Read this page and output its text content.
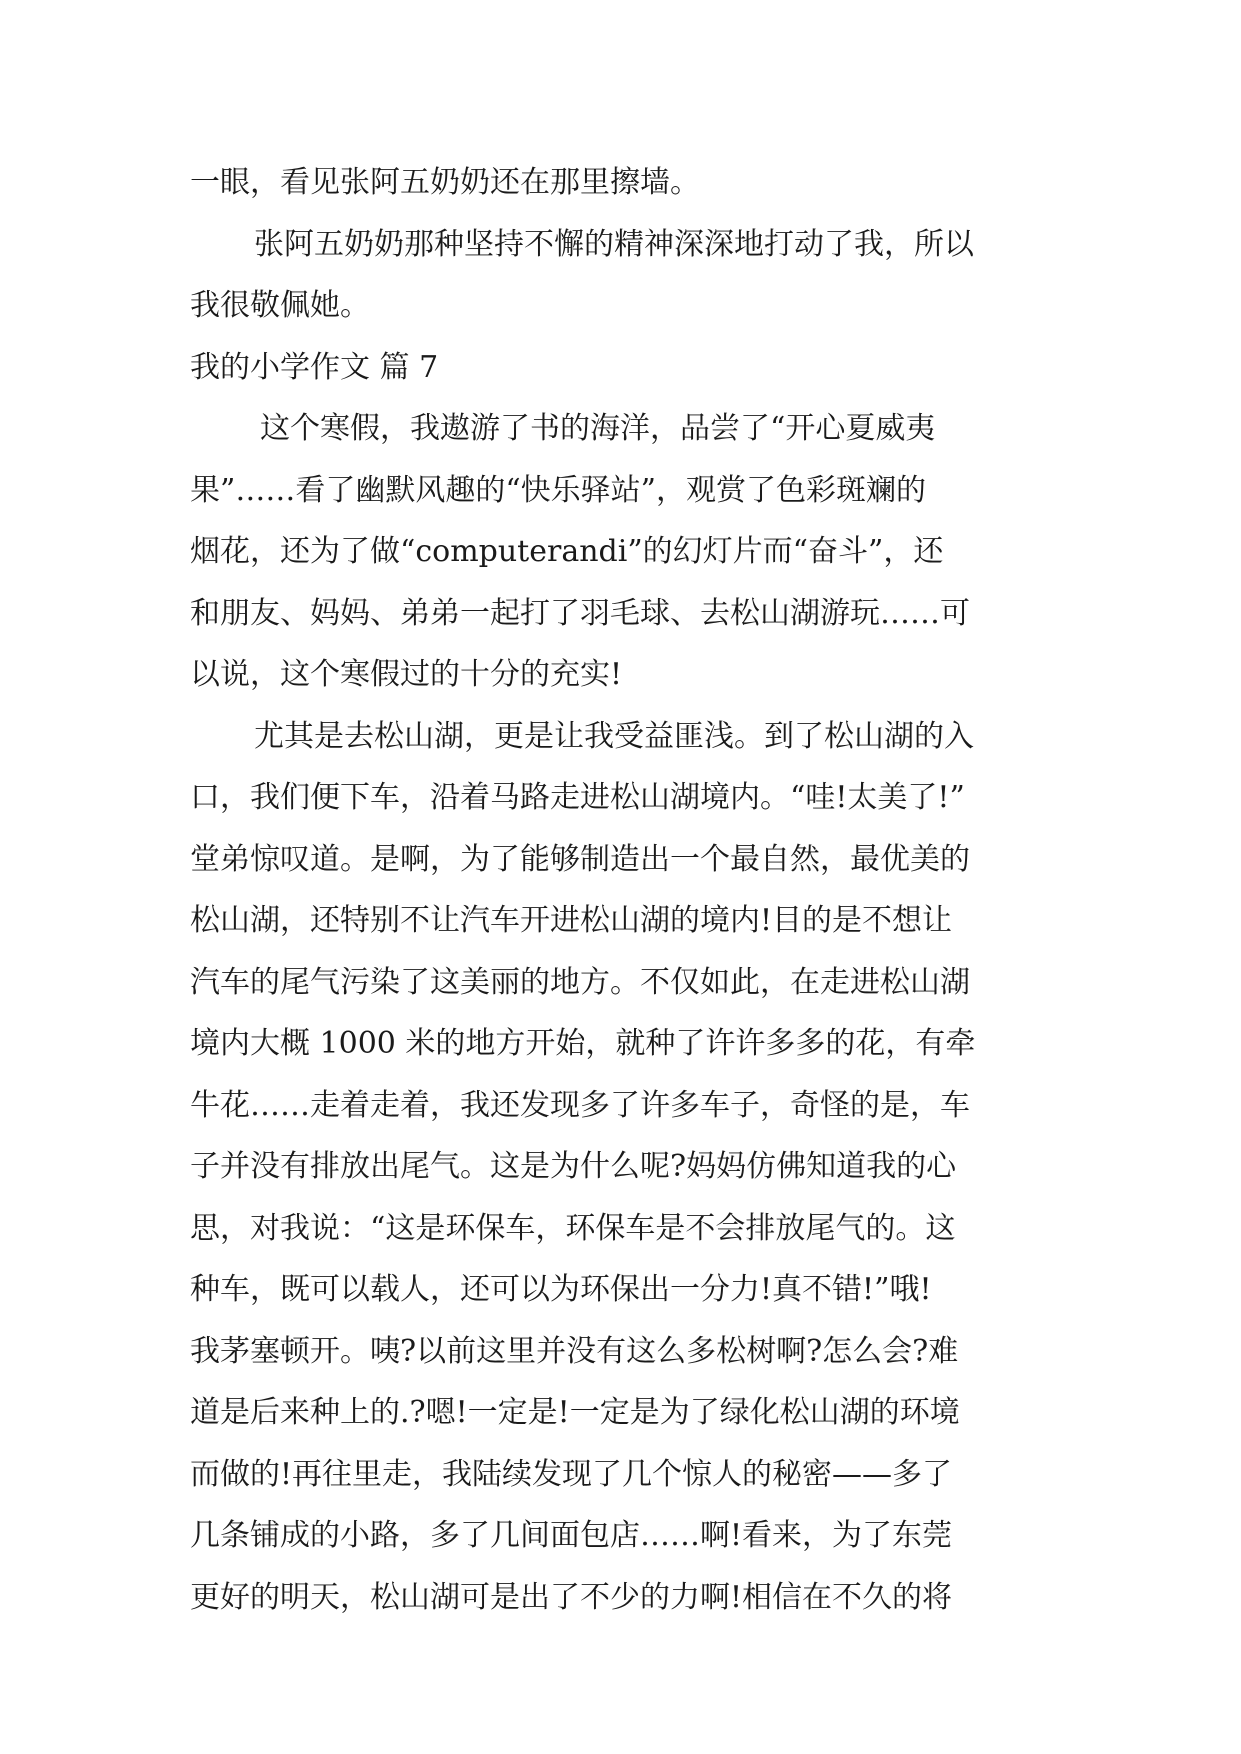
一眼，看见张阿五奶奶还在那里擦墙。
张阿五奶奶那种坚持不懈的精神深深地打动了我，所以
我很敬佩她。
我的小学作文 篇 7
这个寒假，我遨游了书的海洋，品尝了“开心夏威夷
果”……看了幽默风趣的“快乐驿站”，观赏了色彩斑斓的
烟花，还为了做“computerandi”的幻灯片而“奋斗”，还
和朋友、妈妈、弟弟一起打了羽毛球、去松山湖游玩……可
以说，这个寒假过的十分的充实!
尤其是去松山湖，更是让我受益匪浅。到了松山湖的入
口，我们便下车，沿着马路走进松山湖境内。“哇!太美了!”
堂弟惊叹道。是啊，为了能够制造出一个最自然，最优美的
松山湖，还特别不让汽车开进松山湖的境内!目的是不想让
汽车的尾气污染了这美丽的地方。不仅如此，在走进松山湖
境内大概 1000 米的地方开始，就种了许许多多的花，有牵
牛花……走着走着，我还发现多了许多车子，奇怪的是，车
子并没有排放出尾气。这是为什么呢?妈妈仿佛知道我的心
思，对我说：“这是环保车，环保车是不会排放尾气的。这
种车，既可以载人，还可以为环保出一分力!真不错!”哦!
我茅塞顿开。咦?以前这里并没有这么多松树啊?怎么会?难
道是后来种上的.?嗯!一定是!一定是为了绿化松山湖的环境
而做的!再往里走，我陆续发现了几个惊人的秘密——多了
几条铺成的小路，多了几间面包店……啊!看来，为了东莞
更好的明天，松山湖可是出了不少的力啊!相信在不久的将
